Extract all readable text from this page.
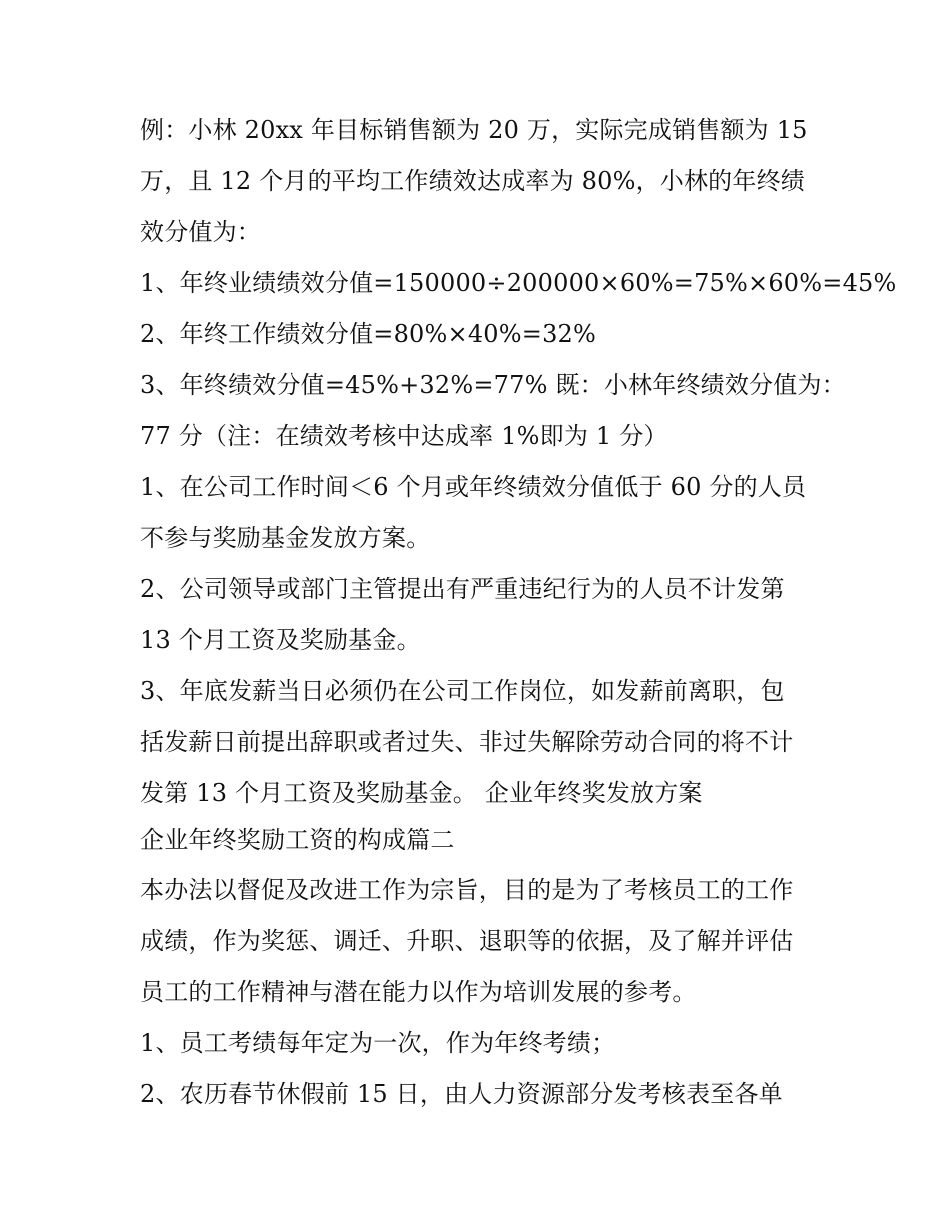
例：小林 20xx 年目标销售额为 20 万，实际完成销售额为 15
万，且 12 个月的平均工作绩效达成率为 80%，小林的年终绩
效分值为：
1、年终业绩绩效分值=150000÷200000×60%=75%×60%=45%
2、年终工作绩效分值=80%×40%=32%
3、年终绩效分值=45%+32%=77% 既：小林年终绩效分值为：
77 分（注：在绩效考核中达成率 1%即为 1 分）
1、在公司工作时间＜6 个月或年终绩效分值低于 60 分的人员
不参与奖励基金发放方案。
2、公司领导或部门主管提出有严重违纪行为的人员不计发第
13 个月工资及奖励基金。
3、年底发薪当日必须仍在公司工作岗位，如发薪前离职，包
括发薪日前提出辞职或者过失、非过失解除劳动合同的将不计
发第 13 个月工资及奖励基金。 企业年终奖发放方案
企业年终奖励工资的构成篇二
本办法以督促及改进工作为宗旨，目的是为了考核员工的工作
成绩，作为奖惩、调迁、升职、退职等的依据，及了解并评估
员工的工作精神与潜在能力以作为培训发展的参考。
1、员工考绩每年定为一次，作为年终考绩；
2、农历春节休假前 15 日，由人力资源部分发考核表至各单
